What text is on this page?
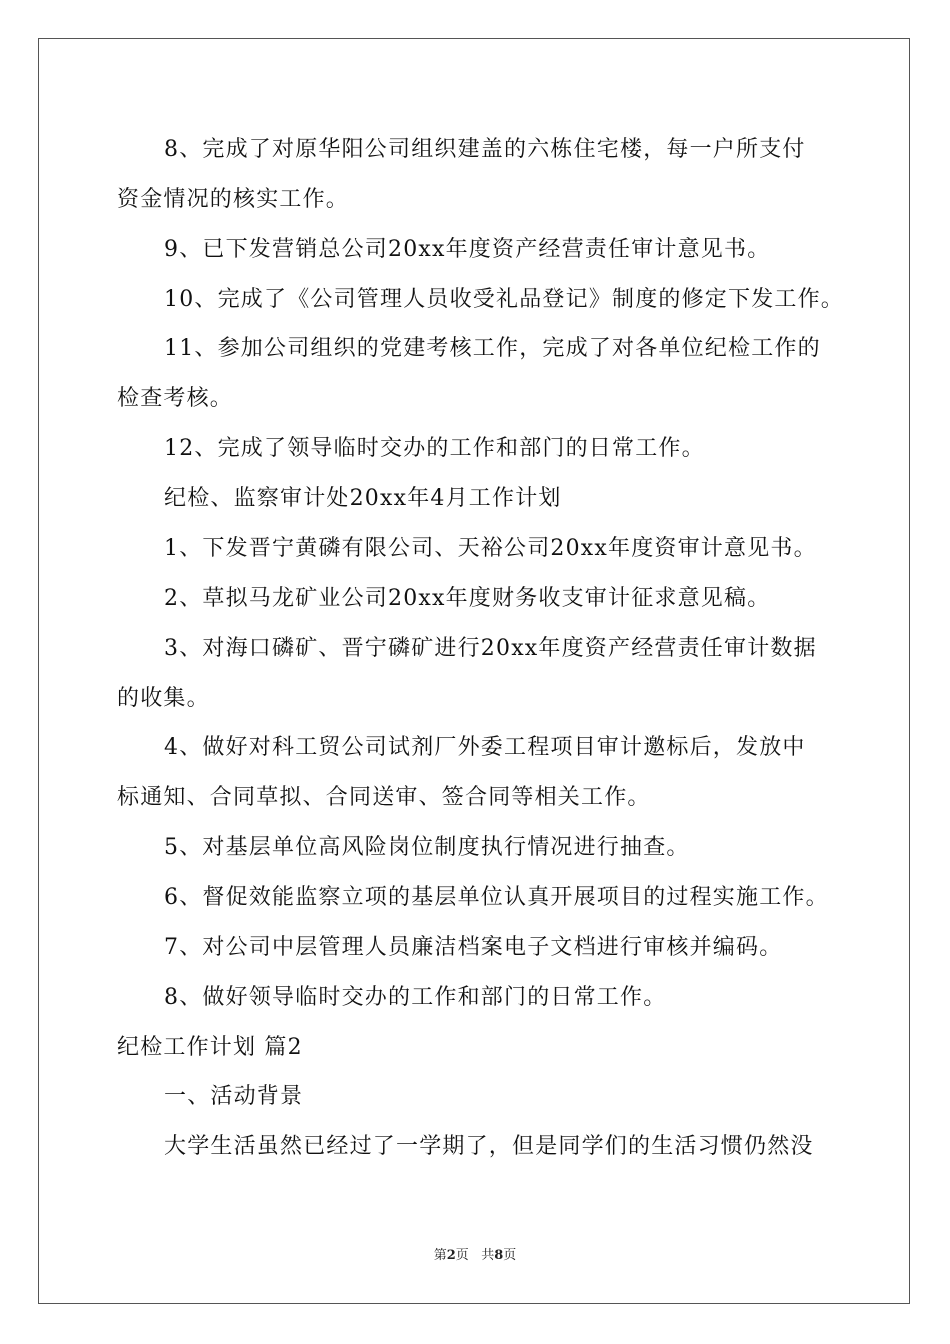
8、完成了对原华阳公司组织建盖的六栋住宅楼，每一户所支付
资金情况的核实工作。
9、已下发营销总公司20xx年度资产经营责任审计意见书。
10、完成了《公司管理人员收受礼品登记》制度的修定下发工作。
11、参加公司组织的党建考核工作，完成了对各单位纪检工作的
检查考核。
12、完成了领导临时交办的工作和部门的日常工作。
纪检、监察审计处20xx年4月工作计划
1、下发晋宁黄磷有限公司、天裕公司20xx年度资审计意见书。
2、草拟马龙矿业公司20xx年度财务收支审计征求意见稿。
3、对海口磷矿、晋宁磷矿进行20xx年度资产经营责任审计数据
的收集。
4、做好对科工贸公司试剂厂外委工程项目审计邀标后，发放中
标通知、合同草拟、合同送审、签合同等相关工作。
5、对基层单位高风险岗位制度执行情况进行抽查。
6、督促效能监察立项的基层单位认真开展项目的过程实施工作。
7、对公司中层管理人员廉洁档案电子文档进行审核并编码。
8、做好领导临时交办的工作和部门的日常工作。
纪检工作计划 篇2
一、活动背景
大学生活虽然已经过了一学期了，但是同学们的生活习惯仍然没
第2页 共8页
